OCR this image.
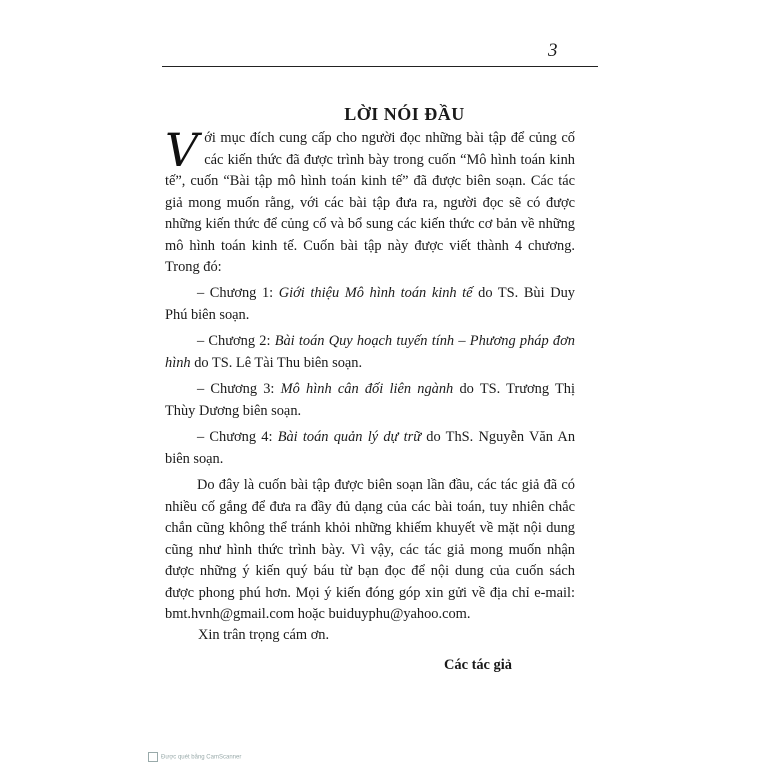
3
LỜI NÓI ĐẦU

Với mục đích cung cấp cho người đọc những bài tập để củng cố các kiến thức đã được trình bày trong cuốn “Mô hình toán kinh tế”, cuốn “Bài tập mô hình toán kinh tế” đã được biên soạn. Các tác giả mong muốn rằng, với các bài tập đưa ra, người đọc sẽ có được những kiến thức để củng cố và bổ sung các kiến thức cơ bản về những mô hình toán kinh tế. Cuốn bài tập này được viết thành 4 chương. Trong đó:

– Chương 1: Giới thiệu Mô hình toán kinh tế do TS. Bùi Duy Phú biên soạn.

– Chương 2: Bài toán Quy hoạch tuyến tính – Phương pháp đơn hình do TS. Lê Tài Thu biên soạn.

– Chương 3: Mô hình cân đối liên ngành do TS. Trương Thị Thùy Dương biên soạn.

– Chương 4: Bài toán quản lý dự trữ do ThS. Nguyễn Văn An biên soạn.

Do đây là cuốn bài tập được biên soạn lần đầu, các tác giả đã có nhiều cố gắng để đưa ra đầy đủ dạng của các bài toán, tuy nhiên chắc chắn cũng không thể tránh khỏi những khiếm khuyết về mặt nội dung cũng như hình thức trình bày. Vì vậy, các tác giả mong muốn nhận được những ý kiến quý báu từ bạn đọc để nội dung của cuốn sách được phong phú hơn. Mọi ý kiến đóng góp xin gửi về địa chỉ e-mail: bmt.hvnh@gmail.com hoặc buiduyphu@yahoo.com.

Xin trân trọng cám ơn.
Các tác giả
Được quét bằng CamScanner
